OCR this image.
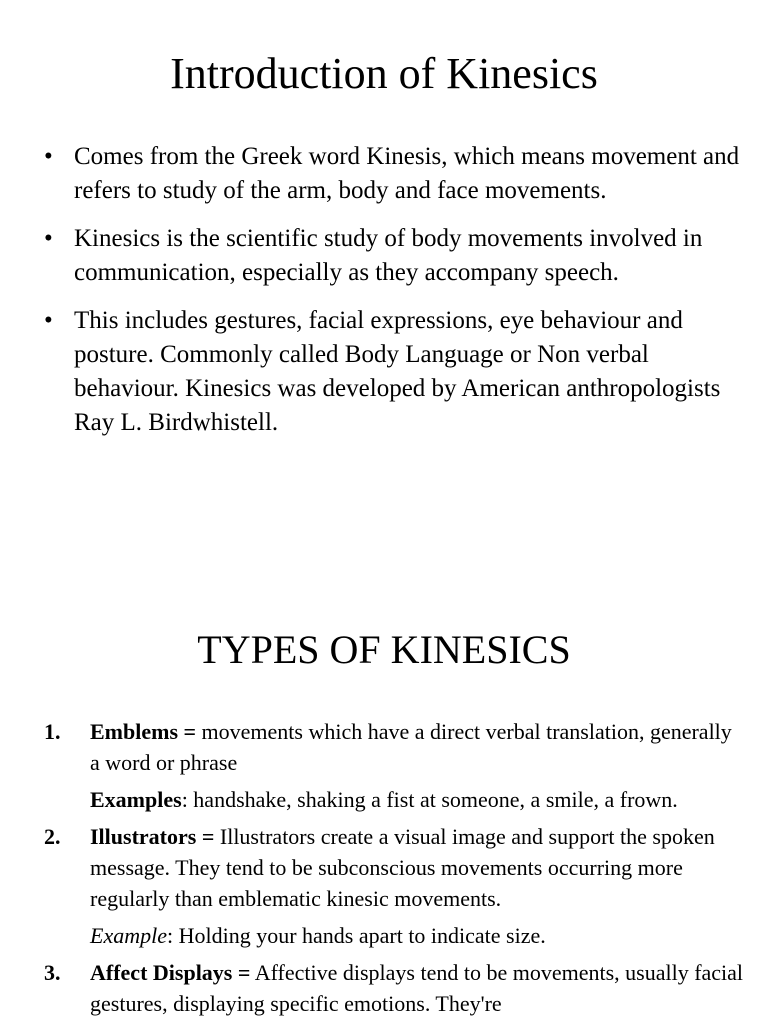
Introduction of Kinesics
• Comes from the Greek word Kinesis, which means movement and refers to study of the arm, body and face movements.
• Kinesics is the scientific study of body movements involved in communication, especially as they accompany speech.
• This includes gestures, facial expressions, eye behaviour and posture. Commonly called Body Language or Non verbal behaviour. Kinesics was developed by American anthropologists Ray L. Birdwhistell.
TYPES OF KINESICS
1. Emblems = movements which have a direct verbal translation, generally a word or phrase
Examples: handshake, shaking a fist at someone, a smile, a frown.
2. Illustrators = Illustrators create a visual image and support the spoken message. They tend to be subconscious movements occurring more regularly than emblematic kinesic movements.
Example: Holding your hands apart to indicate size.
3. Affect Displays = Affective displays tend to be movements, usually facial gestures, displaying specific emotions. They're
